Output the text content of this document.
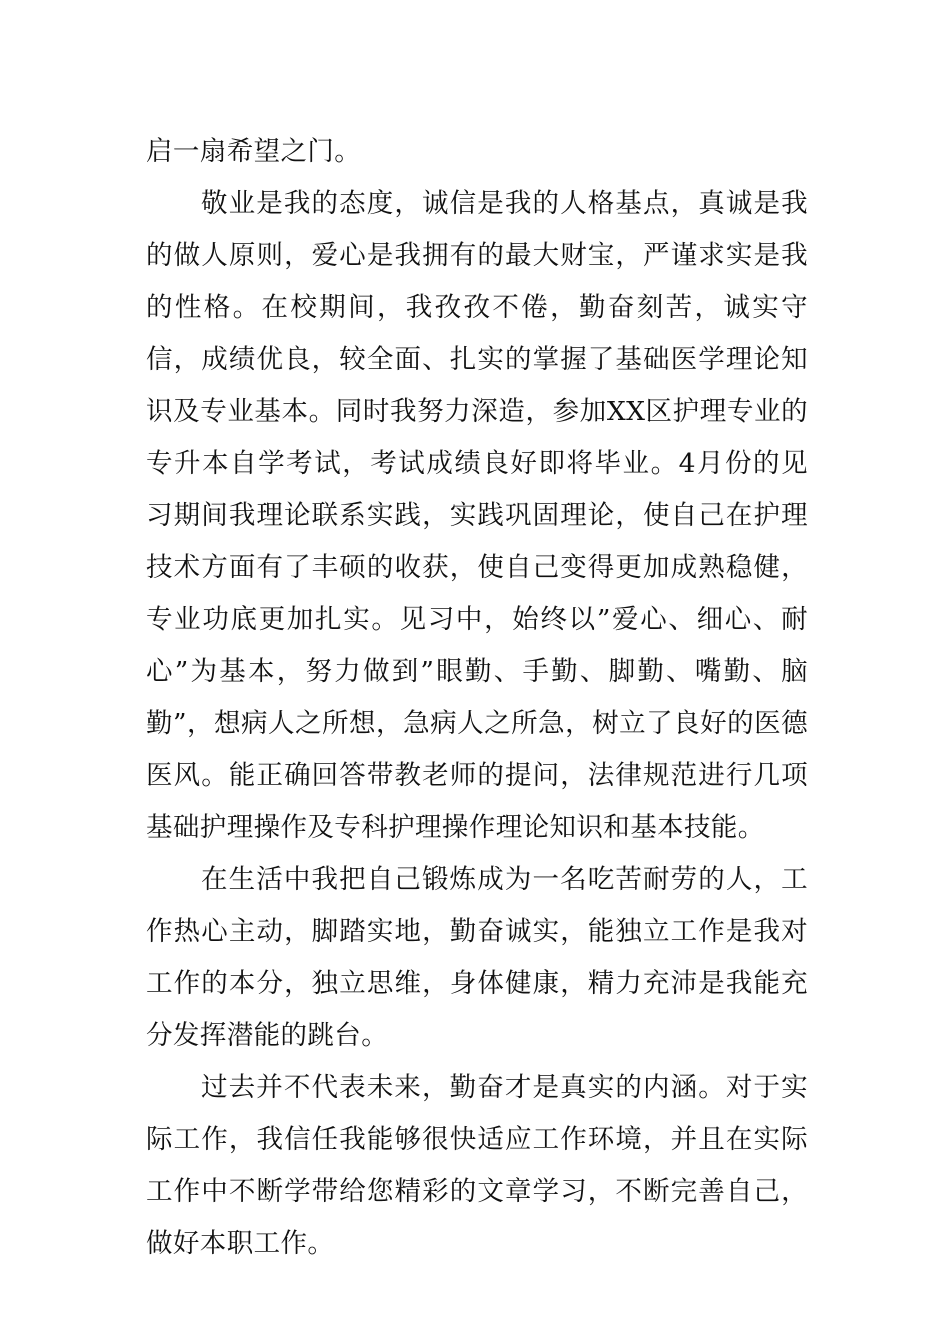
启一扇希望之门。

敬业是我的态度，诚信是我的人格基点，真诚是我的做人原则，爱心是我拥有的最大财宝，严谨求实是我的性格。在校期间，我孜孜不倦，勤奋刻苦，诚实守信，成绩优良，较全面、扎实的掌握了基础医学理论知识及专业基本。同时我努力深造，参加XX区护理专业的专升本自学考试，考试成绩良好即将毕业。4月份的见习期间我理论联系实践，实践巩固理论，使自己在护理技术方面有了丰硕的收获，使自己变得更加成熟稳健，专业功底更加扎实。见习中，始终以”爱心、细心、耐心”为基本，努力做到”眼勤、手勤、脚勤、嘴勤、脑勤”，想病人之所想，急病人之所急，树立了良好的医德医风。能正确回答带教老师的提问，法律规范进行几项基础护理操作及专科护理操作理论知识和基本技能。

在生活中我把自己锻炼成为一名吃苦耐劳的人，工作热心主动，脚踏实地，勤奋诚实，能独立工作是我对工作的本分，独立思维，身体健康，精力充沛是我能充分发挥潜能的跳台。

过去并不代表未来，勤奋才是真实的内涵。对于实际工作，我信任我能够很快适应工作环境，并且在实际工作中不断学带给您精彩的文章学习，不断完善自己，做好本职工作。
